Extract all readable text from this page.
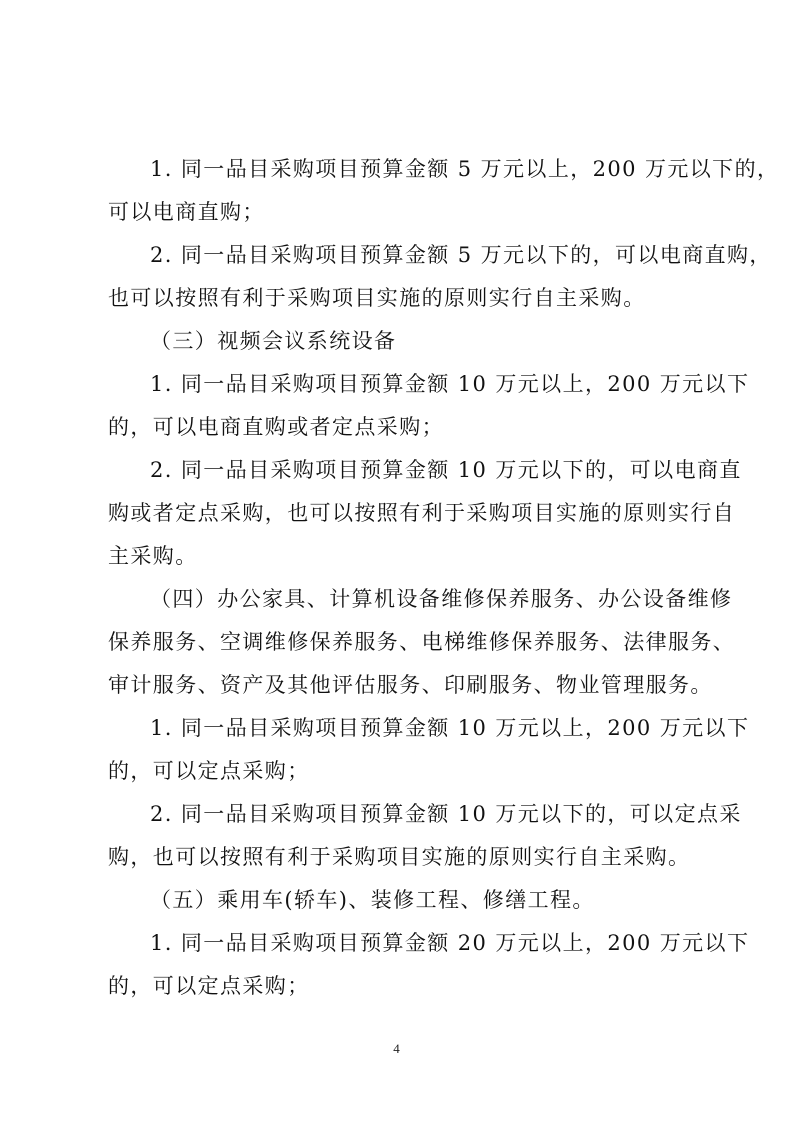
1. 同一品目采购项目预算金额 5 万元以上，200 万元以下的，
可以电商直购；

2. 同一品目采购项目预算金额 5 万元以下的，可以电商直购，
也可以按照有利于采购项目实施的原则实行自主采购。

（三）视频会议系统设备

1. 同一品目采购项目预算金额 10 万元以上，200 万元以下
的，可以电商直购或者定点采购；

2. 同一品目采购项目预算金额 10 万元以下的，可以电商直
购或者定点采购，也可以按照有利于采购项目实施的原则实行自
主采购。

（四）办公家具、计算机设备维修保养服务、办公设备维修
保养服务、空调维修保养服务、电梯维修保养服务、法律服务、
审计服务、资产及其他评估服务、印刷服务、物业管理服务。

1. 同一品目采购项目预算金额 10 万元以上，200 万元以下
的，可以定点采购；

2. 同一品目采购项目预算金额 10 万元以下的，可以定点采
购，也可以按照有利于采购项目实施的原则实行自主采购。

（五）乘用车(轿车)、装修工程、修缮工程。

1. 同一品目采购项目预算金额 20 万元以上，200 万元以下
的，可以定点采购；

4
